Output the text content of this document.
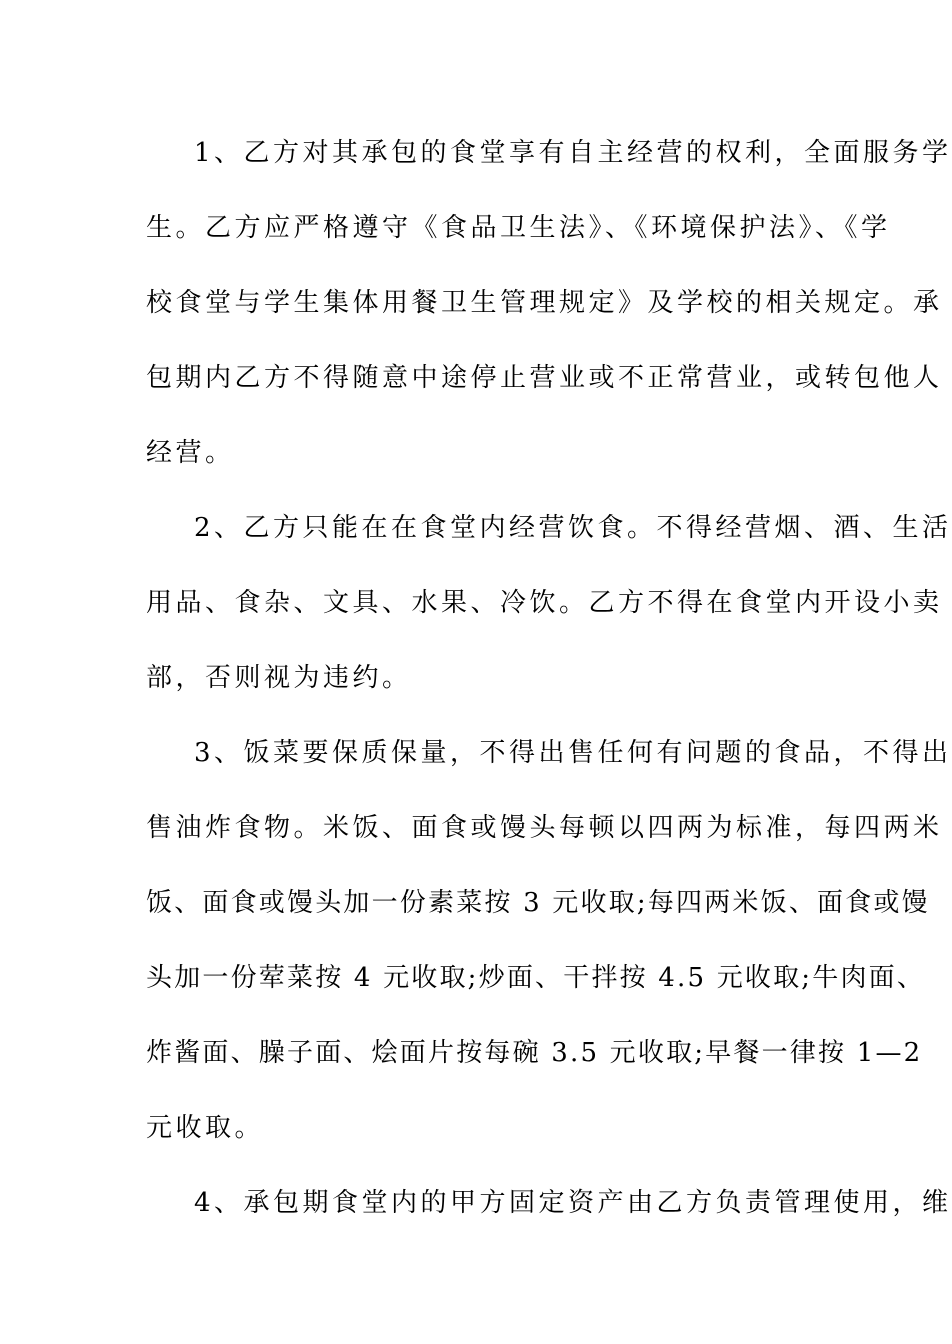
1、乙方对其承包的食堂享有自主经营的权利，全面服务学
生。乙方应严格遵守《食品卫生法》、《环境保护法》、《学
校食堂与学生集体用餐卫生管理规定》及学校的相关规定。承
包期内乙方不得随意中途停止营业或不正常营业，或转包他人
经营。
2、乙方只能在在食堂内经营饮食。不得经营烟、酒、生活
用品、食杂、文具、水果、冷饮。乙方不得在食堂内开设小卖
部，否则视为违约。
3、饭菜要保质保量，不得出售任何有问题的食品，不得出
售油炸食物。米饭、面食或馒头每顿以四两为标准，每四两米
饭、面食或馒头加一份素菜按 3 元收取;每四两米饭、面食或馒
头加一份荤菜按 4 元收取;炒面、干拌按 4.5 元收取;牛肉面、
炸酱面、臊子面、烩面片按每碗 3.5 元收取;早餐一律按 1—2
元收取。
4、承包期食堂内的甲方固定资产由乙方负责管理使用，维
